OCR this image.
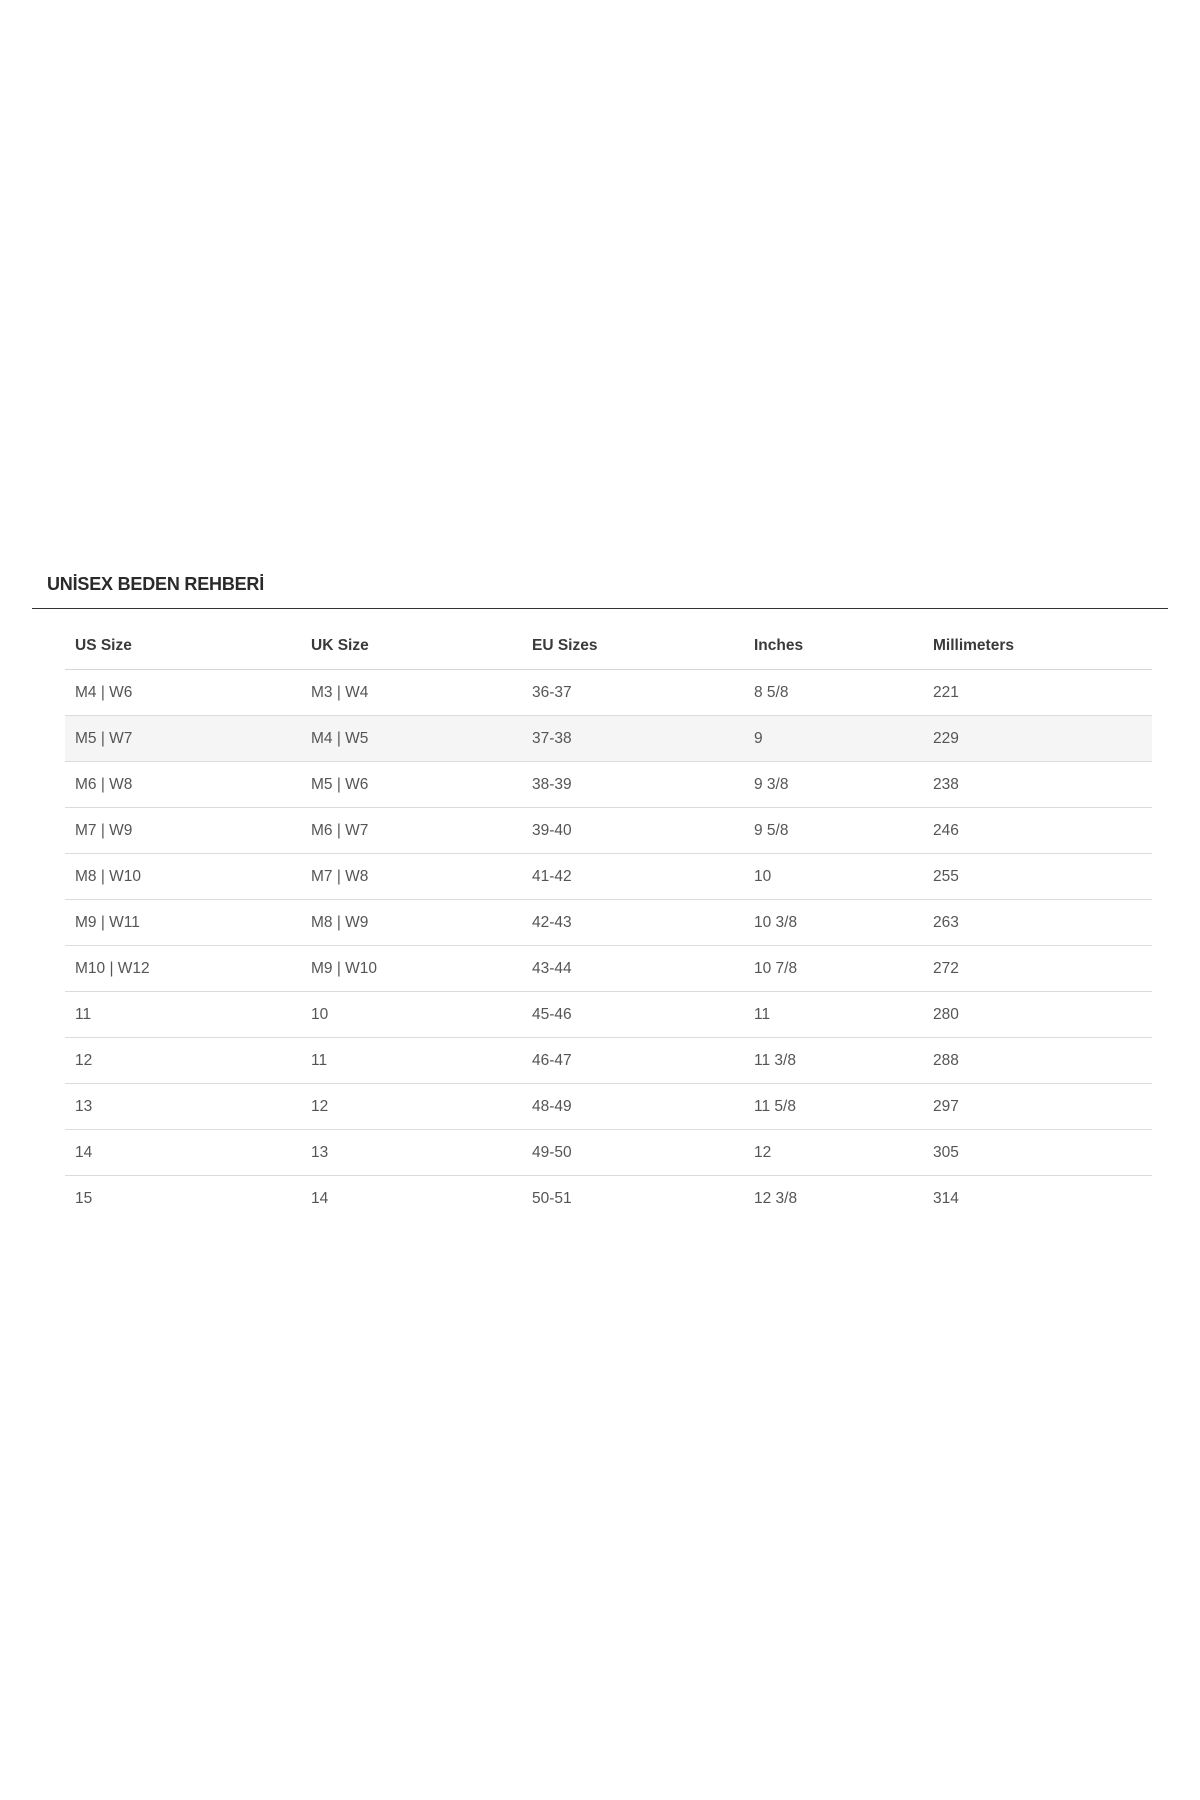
UNİSEX BEDEN REHBERİ
US Size	UK Size	EU Sizes	Inches	Millimeters
M4 | W6	M3 | W4	36-37	8 5/8	221
M5 | W7	M4 | W5	37-38	9	229
M6 | W8	M5 | W6	38-39	9 3/8	238
M7 | W9	M6 | W7	39-40	9 5/8	246
M8 | W10	M7 | W8	41-42	10	255
M9 | W11	M8 | W9	42-43	10 3/8	263
M10 | W12	M9 | W10	43-44	10 7/8	272
11	10	45-46	11	280
12	11	46-47	11 3/8	288
13	12	48-49	11 5/8	297
14	13	49-50	12	305
15	14	50-51	12 3/8	314
